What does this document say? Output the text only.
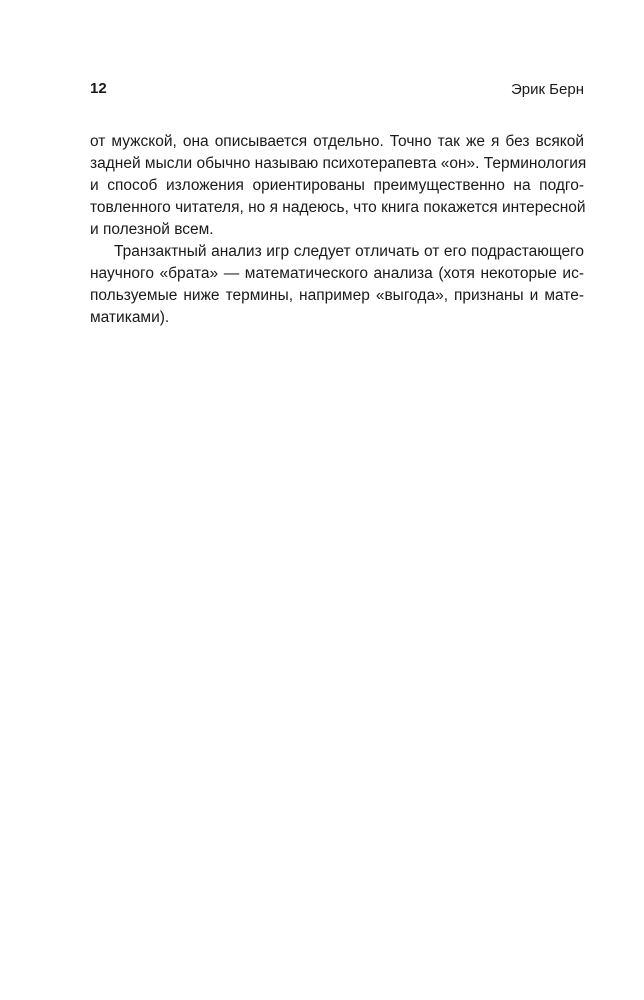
12	Эрик Берн
от мужской, она описывается отдельно. Точно так же я без всякой
задней мысли обычно называю психотерапевта «он». Терминология
и способ изложения ориентированы преимущественно на подго-
товленного читателя, но я надеюсь, что книга покажется интересной
и полезной всем.
Транзактный анализ игр следует отличать от его подрастающего
научного «брата» — математического анализа (хотя некоторые ис-
пользуемые ниже термины, например «выгода», признаны и мате-
матиками).
